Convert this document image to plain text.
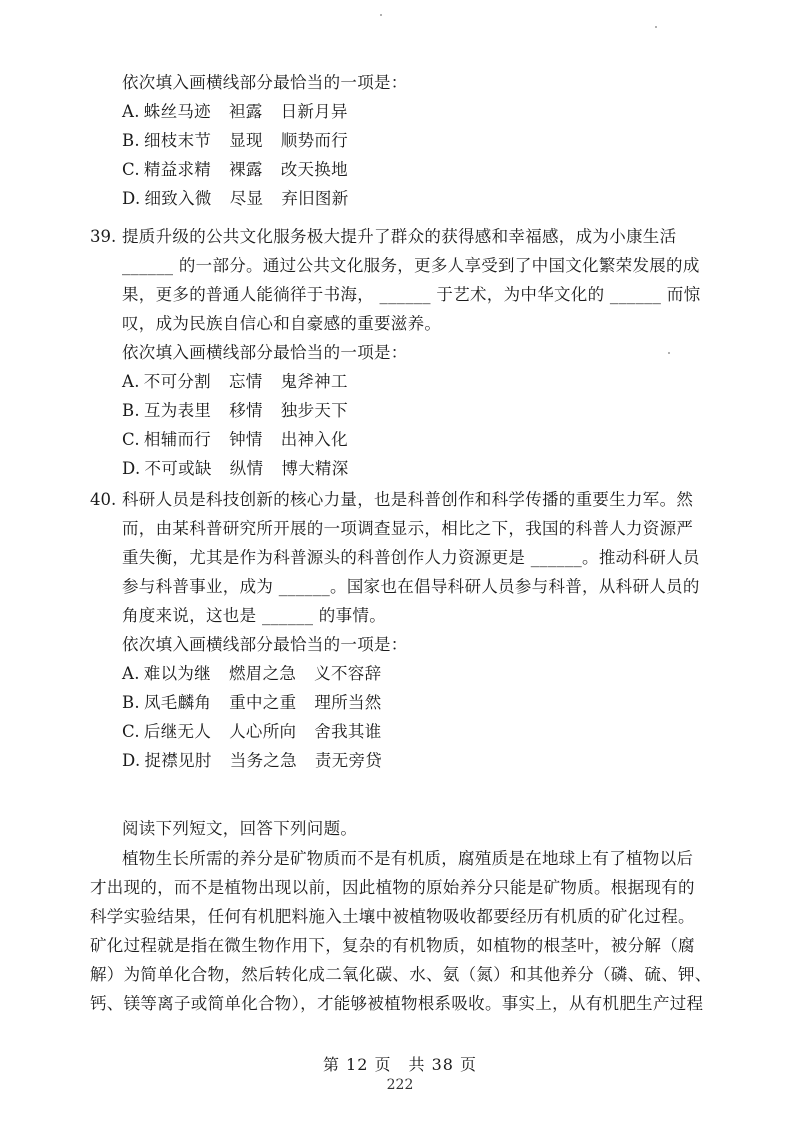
依次填入画横线部分最恰当的一项是：
A. 蛛丝马迹 袒露 日新月异
B. 细枝末节 显现 顺势而行
C. 精益求精 裸露 改天换地
D. 细致入微 尽显 弃旧图新
39. 提质升级的公共文化服务极大提升了群众的获得感和幸福感，成为小康生活
______ 的一部分。通过公共文化服务，更多人享受到了中国文化繁荣发展的成
果，更多的普通人能徜徉于书海， ______ 于艺术，为中华文化的 ______ 而惊
叹，成为民族自信心和自豪感的重要滋养。
依次填入画横线部分最恰当的一项是：
A. 不可分割 忘情 鬼斧神工
B. 互为表里 移情 独步天下
C. 相辅而行 钟情 出神入化
D. 不可或缺 纵情 博大精深
40. 科研人员是科技创新的核心力量，也是科普创作和科学传播的重要生力军。然
而，由某科普研究所开展的一项调查显示，相比之下，我国的科普人力资源严
重失衡，尤其是作为科普源头的科普创作人力资源更是 ______。推动科研人员
参与科普事业，成为 ______。国家也在倡导科研人员参与科普，从科研人员的
角度来说，这也是 ______ 的事情。
依次填入画横线部分最恰当的一项是：
A. 难以为继 燃眉之急 义不容辞
B. 凤毛麟角 重中之重 理所当然
C. 后继无人 人心所向 舍我其谁
D. 捉襟见肘 当务之急 责无旁贷
阅读下列短文，回答下列问题。
植物生长所需的养分是矿物质而不是有机质，腐殖质是在地球上有了植物以后
才出现的，而不是植物出现以前，因此植物的原始养分只能是矿物质。根据现有的
科学实验结果，任何有机肥料施入土壤中被植物吸收都要经历有机质的矿化过程。
矿化过程就是指在微生物作用下，复杂的有机物质，如植物的根茎叶，被分解（腐
解）为简单化合物，然后转化成二氧化碳、水、氨（氮）和其他养分（磷、硫、钾、
钙、镁等离子或简单化合物），才能够被植物根系吸收。事实上，从有机肥生产过程
第 12 页　共 38 页
222
